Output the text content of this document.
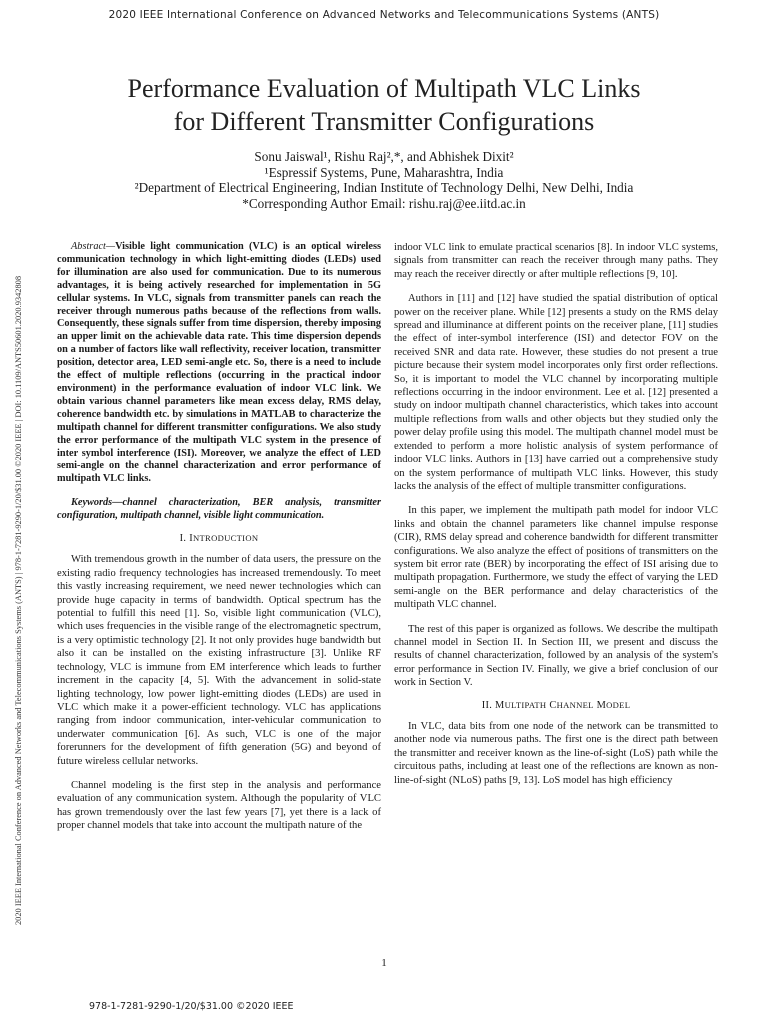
2020 IEEE International Conference on Advanced Networks and Telecommunications Systems (ANTS)
2020 IEEE International Conference on Advanced Networks and Telecommunications Systems (ANTS) | 978-1-7281-9290-1/20/$31.00 ©2020 IEEE | DOI: 10.1109/ANTS50601.2020.9342808
Performance Evaluation of Multipath VLC Links
for Different Transmitter Configurations
Sonu Jaiswal¹, Rishu Raj²,*, and Abhishek Dixit²
¹Espressif Systems, Pune, Maharashtra, India
²Department of Electrical Engineering, Indian Institute of Technology Delhi, New Delhi, India
*Corresponding Author Email: rishu.raj@ee.iitd.ac.in

Abstract—Visible light communication (VLC) is an optical wireless communication technology in which light-emitting diodes (LEDs) used for illumination are also used for communication. Due to its numerous advantages, it is being actively researched for implementation in 5G cellular systems. In VLC, signals from transmitter panels can reach the receiver through numerous paths because of the reflections from walls. Consequently, these signals suffer from time dispersion, thereby imposing an upper limit on the achievable data rate. This time dispersion depends on a number of factors like wall reflectivity, receiver location, transmitter position, detector area, LED semi-angle etc. So, there is a need to include the effect of multiple reflections (occurring in the practical indoor environment) in the performance evaluation of indoor VLC link. We obtain various channel parameters like mean excess delay, RMS delay, coherence bandwidth etc. by simulations in MATLAB to characterize the multipath channel for different transmitter configurations. We also study the error performance of the multipath VLC system in the presence of inter symbol interference (ISI). Moreover, we analyze the effect of LED semi-angle on the channel characterization and error performance of multipath VLC links.

Keywords—channel characterization, BER analysis, transmitter configuration, multipath channel, visible light communication.

I. INTRODUCTION

With tremendous growth in the number of data users, the pressure on the existing radio frequency technologies has increased tremendously. To meet this vastly increasing requirement, we need newer technologies which can provide huge capacity in terms of bandwidth. Optical spectrum has the potential to fulfill this need [1]. So, visible light communication (VLC), which uses frequencies in the visible range of the electromagnetic spectrum, is a very optimistic technology [2]. It not only provides huge bandwidth but also it can be installed on the existing infrastructure [3]. Unlike RF technology, VLC is immune from EM interference which leads to further increment in the capacity [4, 5]. With the advancement in solid-state lighting technology, low power light-emitting diodes (LEDs) are used in VLC which make it a power-efficient technology. VLC has applications ranging from indoor communication, inter-vehicular communication to underwater communication [6]. As such, VLC is one of the major forerunners for the development of fifth generation (5G) and beyond of future wireless cellular networks.

Channel modeling is the first step in the analysis and performance evaluation of any communication system. Although the popularity of VLC has grown tremendously over the last few years [7], yet there is a lack of proper channel models that take into account the multipath nature of the

indoor VLC link to emulate practical scenarios [8]. In indoor VLC systems, signals from transmitter can reach the receiver through many paths. They may reach the receiver directly or after multiple reflections [9, 10].

Authors in [11] and [12] have studied the spatial distribution of optical power on the receiver plane. While [12] presents a study on the RMS delay spread and illuminance at different points on the receiver plane, [11] studies the effect of inter-symbol interference (ISI) and detector FOV on the received SNR and data rate. However, these studies do not present a true picture because their system model incorporates only first order reflections. So, it is important to model the VLC channel by incorporating multiple reflections occurring in the indoor environment. Lee et al. [12] presented a study on indoor multipath channel characteristics, which takes into account multiple reflections from walls and other objects but they studied only the power delay profile using this model. The multipath channel model must be extended to perform a more holistic analysis of system performance of indoor VLC links. Authors in [13] have carried out a comprehensive study on the system performance of multipath VLC links. However, this study lacks the analysis of the effect of multiple transmitter configurations.

In this paper, we implement the multipath path model for indoor VLC links and obtain the channel parameters like channel impulse response (CIR), RMS delay spread and coherence bandwidth for different transmitter configurations. We also analyze the effect of positions of transmitters on the system bit error rate (BER) by incorporating the effect of ISI arising due to multipath propagation. Furthermore, we study the effect of varying the LED semi-angle on the BER performance and delay characteristics of the multipath VLC channel.

The rest of this paper is organized as follows. We describe the multipath channel model in Section II. In Section III, we present and discuss the results of channel characterization, followed by an analysis of the system's error performance in Section IV. Finally, we give a brief conclusion of our work in Section V.

II. MULTIPATH CHANNEL MODEL

In VLC, data bits from one node of the network can be transmitted to another node via numerous paths. The first one is the direct path between the transmitter and receiver known as the line-of-sight (LoS) path while the circuitous paths, including at least one of the reflections are known as non-line-of-sight (NLoS) paths [9, 13]. LoS model has high efficiency

1
978-1-7281-9290-1/20/$31.00 ©2020 IEEE
